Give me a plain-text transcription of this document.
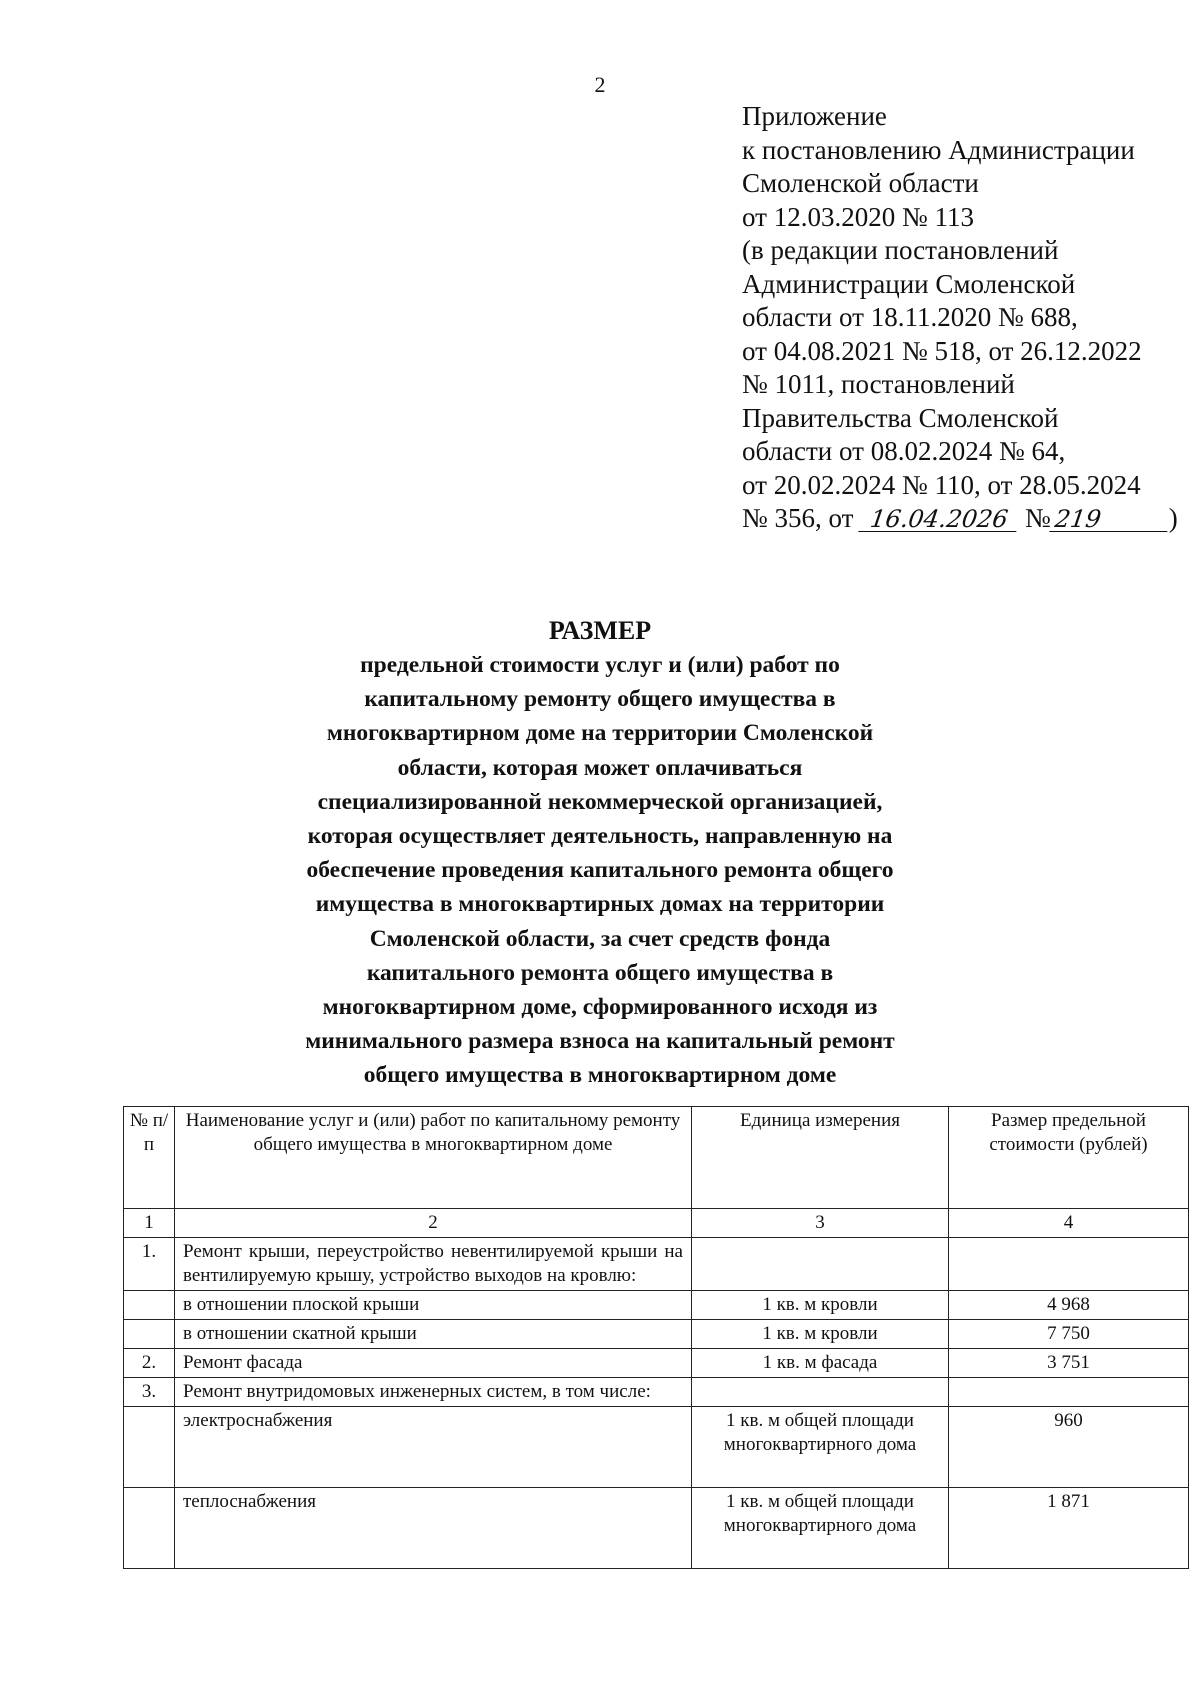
2
Приложение
к постановлению Администрации
Смоленской области
от 12.03.2020 № 113
(в редакции постановлений
Администрации Смоленской
области от 18.11.2020 № 688,
от 04.08.2021 № 518, от 26.12.2022
№ 1011, постановлений
Правительства Смоленской
области от 08.02.2024 № 64,
от 20.02.2024 № 110, от 28.05.2024
№ 356, от 16.04.2026 №219 )
РАЗМЕР
предельной стоимости услуг и (или) работ по
капитальному ремонту общего имущества в
многоквартирном доме на территории Смоленской
области, которая может оплачиваться
специализированной некоммерческой организацией,
которая осуществляет деятельность, направленную на
обеспечение проведения капитального ремонта общего
имущества в многоквартирных домах на территории
Смоленской области, за счет средств фонда
капитального ремонта общего имущества в
многоквартирном доме, сформированного исходя из
минимального размера взноса на капитальный ремонт
общего имущества в многоквартирном доме
№ п/п	Наименование услуг и (или) работ по капитальному ремонту общего имущества в многоквартирном доме	Единица измерения	Размер предельной стоимости (рублей)
1	2	3	4
1.	Ремонт крыши, переустройство невентилируемой крыши на вентилируемую крышу, устройство выходов на кровлю:		
	в отношении плоской крыши	1 кв. м кровли	4 968
	в отношении скатной крыши	1 кв. м кровли	7 750
2.	Ремонт фасада	1 кв. м фасада	3 751
3.	Ремонт внутридомовых инженерных систем, в том числе:		
	электроснабжения	1 кв. м общей площади многоквартирного дома	960
	теплоснабжения	1 кв. м общей площади многоквартирного дома	1 871
